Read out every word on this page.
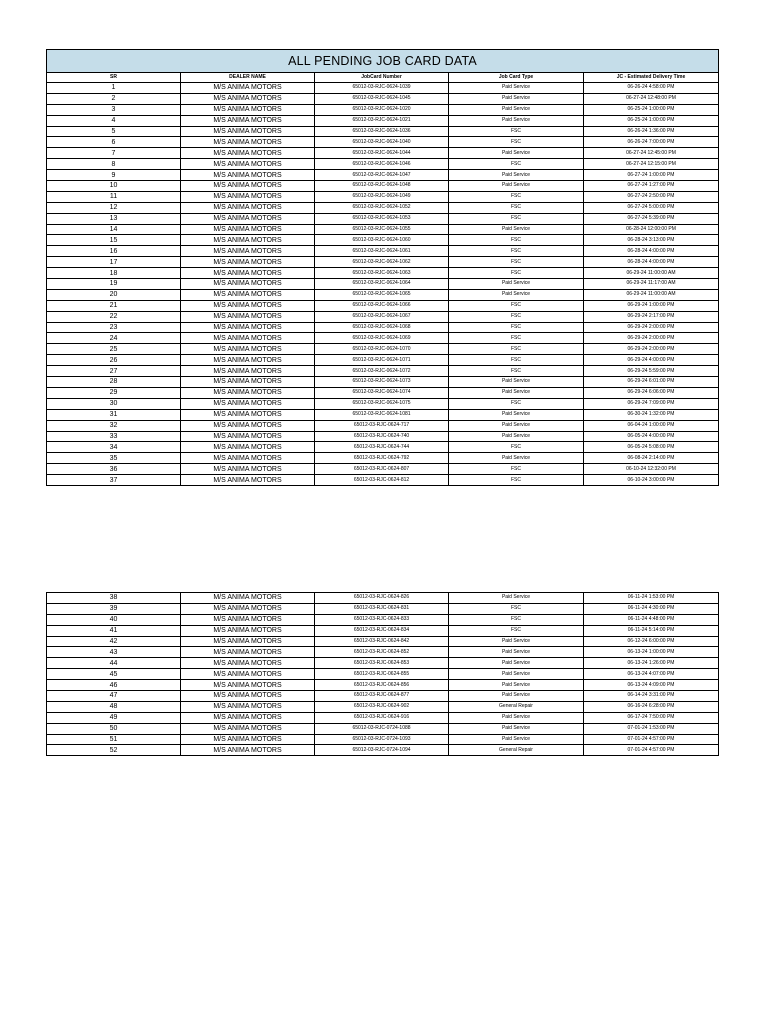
ALL PENDING JOB CARD DATA				
SR	DEALER NAME	JobCard Number	Job Card Type	JC - Estimated Delivery Time
1	M/S ANIMA MOTORS	65012-03-RJC-0624-1039	Paid Service	06-26-24 4:58:00 PM
2	M/S ANIMA MOTORS	65012-03-RJC-0624-1045	Paid Service	06-27-24 12:48:00 PM
3	M/S ANIMA MOTORS	65012-03-RJC-0624-1020	Paid Service	06-25-24 1:00:00 PM
4	M/S ANIMA MOTORS	65012-03-RJC-0624-1021	Paid Service	06-25-24 1:00:00 PM
5	M/S ANIMA MOTORS	65012-03-RJC-0624-1036	FSC	06-26-24 1:36:00 PM
6	M/S ANIMA MOTORS	65012-03-RJC-0624-1040	FSC	06-26-24 7:00:00 PM
7	M/S ANIMA MOTORS	65012-03-RJC-0624-1044	Paid Service	06-27-24 12:45:00 PM
8	M/S ANIMA MOTORS	65012-03-RJC-0624-1046	FSC	06-27-24 12:15:00 PM
9	M/S ANIMA MOTORS	65012-03-RJC-0624-1047	Paid Service	06-27-24 1:00:00 PM
10	M/S ANIMA MOTORS	65012-03-RJC-0624-1048	Paid Service	06-27-24 1:27:00 PM
11	M/S ANIMA MOTORS	65012-03-RJC-0624-1049	FSC	06-27-24 2:50:00 PM
12	M/S ANIMA MOTORS	65012-03-RJC-0624-1052	FSC	06-27-24 5:00:00 PM
13	M/S ANIMA MOTORS	65012-03-RJC-0624-1053	FSC	06-27-24 5:39:00 PM
14	M/S ANIMA MOTORS	65012-03-RJC-0624-1055	Paid Service	06-28-24 12:00:00 PM
15	M/S ANIMA MOTORS	65012-03-RJC-0624-1060	FSC	06-28-24 3:13:00 PM
16	M/S ANIMA MOTORS	65012-03-RJC-0624-1061	FSC	06-28-24 4:00:00 PM
17	M/S ANIMA MOTORS	65012-03-RJC-0624-1062	FSC	06-28-24 4:00:00 PM
18	M/S ANIMA MOTORS	65012-03-RJC-0624-1063	FSC	06-29-24 11:00:00 AM
19	M/S ANIMA MOTORS	65012-03-RJC-0624-1064	Paid Service	06-29-24 11:17:00 AM
20	M/S ANIMA MOTORS	65012-03-RJC-0624-1065	Paid Service	06-29-24 11:00:00 AM
21	M/S ANIMA MOTORS	65012-03-RJC-0624-1066	FSC	06-29-24 1:00:00 PM
22	M/S ANIMA MOTORS	65012-03-RJC-0624-1067	FSC	06-29-24 2:17:00 PM
23	M/S ANIMA MOTORS	65012-03-RJC-0624-1068	FSC	06-29-24 2:00:00 PM
24	M/S ANIMA MOTORS	65012-03-RJC-0624-1069	FSC	06-29-24 2:00:00 PM
25	M/S ANIMA MOTORS	65012-03-RJC-0624-1070	FSC	06-29-24 2:00:00 PM
26	M/S ANIMA MOTORS	65012-03-RJC-0624-1071	FSC	06-29-24 4:00:00 PM
27	M/S ANIMA MOTORS	65012-03-RJC-0624-1072	FSC	06-29-24 5:59:00 PM
28	M/S ANIMA MOTORS	65012-03-RJC-0624-1073	Paid Service	06-29-24 6:01:00 PM
29	M/S ANIMA MOTORS	65012-03-RJC-0624-1074	Paid Service	06-29-24 6:06:00 PM
30	M/S ANIMA MOTORS	65012-03-RJC-0624-1075	FSC	06-29-24 7:09:00 PM
31	M/S ANIMA MOTORS	65012-03-RJC-0624-1081	Paid Service	06-30-24 1:32:00 PM
32	M/S ANIMA MOTORS	65012-03-RJC-0624-717	Paid Service	06-04-24 1:00:00 PM
33	M/S ANIMA MOTORS	65012-03-RJC-0624-740	Paid Service	06-05-24 4:00:00 PM
34	M/S ANIMA MOTORS	65012-03-RJC-0624-744	FSC	06-05-24 5:08:00 PM
35	M/S ANIMA MOTORS	65012-03-RJC-0624-792	Paid Service	06-08-24 2:14:00 PM
36	M/S ANIMA MOTORS	65012-03-RJC-0624-807	FSC	06-10-24 12:32:00 PM
37	M/S ANIMA MOTORS	65012-03-RJC-0624-812	FSC	06-10-24 3:00:00 PM
38	M/S ANIMA MOTORS	65012-03-RJC-0624-826	Paid Service	06-11-24 1:53:00 PM
39	M/S ANIMA MOTORS	65012-03-RJC-0624-831	FSC	06-11-24 4:30:00 PM
40	M/S ANIMA MOTORS	65012-03-RJC-0624-833	FSC	06-11-24 4:48:00 PM
41	M/S ANIMA MOTORS	65012-03-RJC-0624-834	FSC	06-11-24 5:14:00 PM
42	M/S ANIMA MOTORS	65012-03-RJC-0624-842	Paid Service	06-12-24 6:00:00 PM
43	M/S ANIMA MOTORS	65012-03-RJC-0624-852	Paid Service	06-13-24 1:00:00 PM
44	M/S ANIMA MOTORS	65012-03-RJC-0624-853	Paid Service	06-13-24 1:26:00 PM
45	M/S ANIMA MOTORS	65012-03-RJC-0624-855	Paid Service	06-13-24 4:07:00 PM
46	M/S ANIMA MOTORS	65012-03-RJC-0624-856	Paid Service	06-13-24 4:09:00 PM
47	M/S ANIMA MOTORS	65012-03-RJC-0624-877	Paid Service	06-14-24 3:31:00 PM
48	M/S ANIMA MOTORS	65012-03-RJC-0624-902	General Repair	06-16-24 6:28:00 PM
49	M/S ANIMA MOTORS	65012-03-RJC-0624-916	Paid Service	06-17-24 7:50:00 PM
50	M/S ANIMA MOTORS	65012-03-RJC-0724-1088	Paid Service	07-01-24 1:53:00 PM
51	M/S ANIMA MOTORS	65012-03-RJC-0724-1093	Paid Service	07-01-24 4:57:00 PM
52	M/S ANIMA MOTORS	65012-03-RJC-0724-1094	General Repair	07-01-24 4:57:00 PM
